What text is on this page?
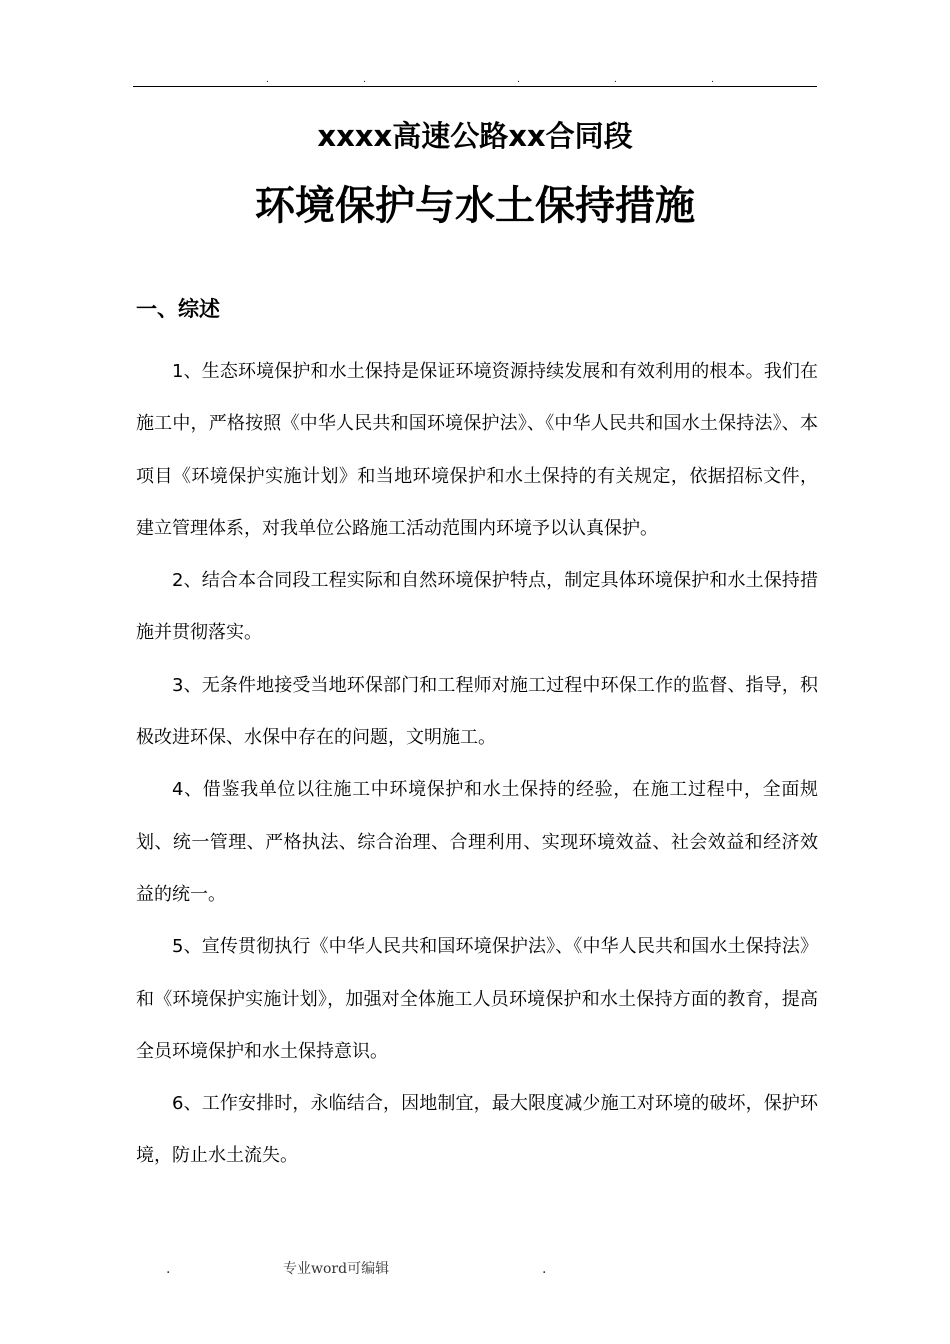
.	.	.	.	.
xxxx高速公路xx合同段
环境保护与水土保持措施
一、综述

1、生态环境保护和水土保持是保证环境资源持续发展和有效利用的根本。我们在施工中，严格按照《中华人民共和国环境保护法》、《中华人民共和国水土保持法》、本项目《环境保护实施计划》和当地环境保护和水土保持的有关规定，依据招标文件，建立管理体系，对我单位公路施工活动范围内环境予以认真保护。

2、结合本合同段工程实际和自然环境保护特点，制定具体环境保护和水土保持措施并贯彻落实。

3、无条件地接受当地环保部门和工程师对施工过程中环保工作的监督、指导，积极改进环保、水保中存在的问题，文明施工。

4、借鉴我单位以往施工中环境保护和水土保持的经验，在施工过程中，全面规划、统一管理、严格执法、综合治理、合理利用、实现环境效益、社会效益和经济效益的统一。

5、宣传贯彻执行《中华人民共和国环境保护法》、《中华人民共和国水土保持法》和《环境保护实施计划》，加强对全体施工人员环境保护和水土保持方面的教育，提高全员环境保护和水土保持意识。

6、工作安排时，永临结合，因地制宜，最大限度减少施工对环境的破坏，保护环境，防止水土流失。

.	专业word可编辑	.
